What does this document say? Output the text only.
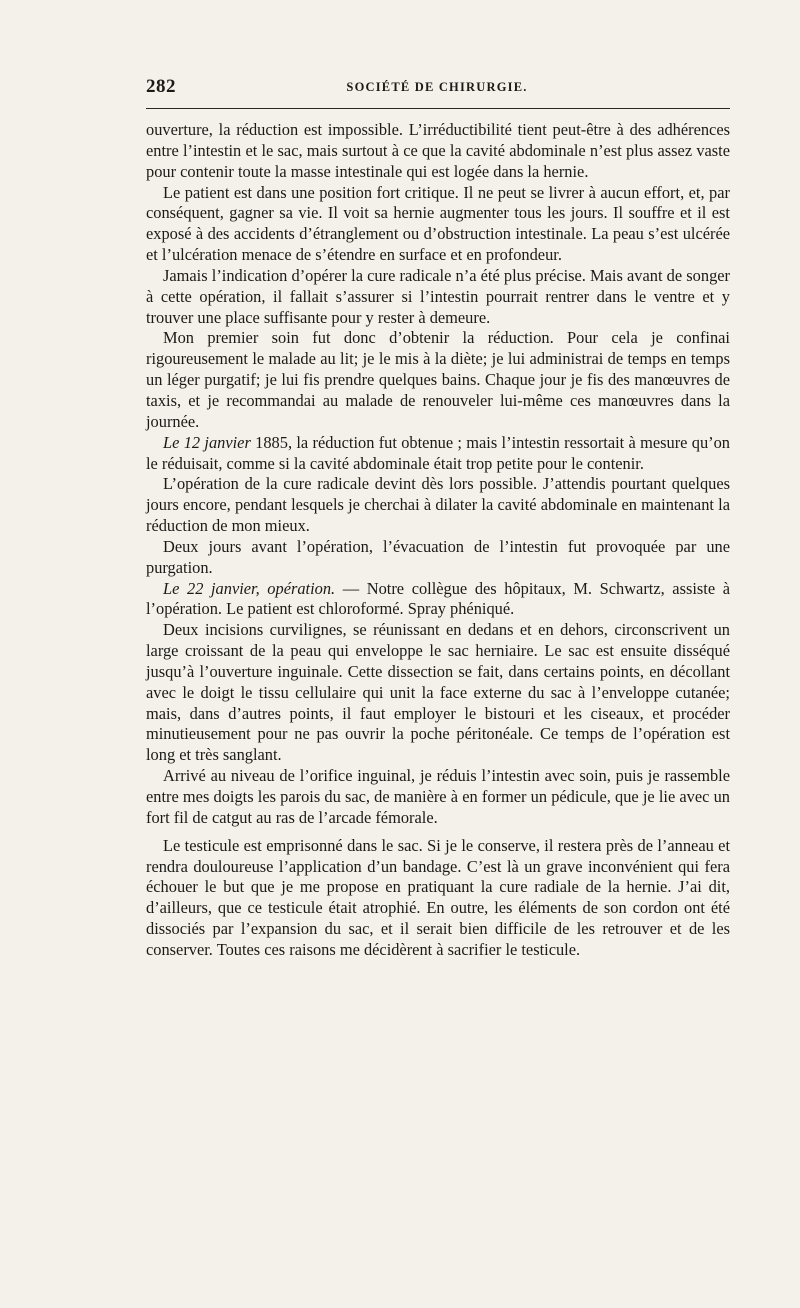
282	SOCIÉTÉ DE CHIRURGIE.

ouverture, la réduction est impossible. L’irréductibilité tient peut-être à des adhérences entre l’intestin et le sac, mais surtout à ce que la cavité abdominale n’est plus assez vaste pour contenir toute la masse intestinale qui est logée dans la hernie.

Le patient est dans une position fort critique. Il ne peut se livrer à aucun effort, et, par conséquent, gagner sa vie. Il voit sa hernie augmenter tous les jours. Il souffre et il est exposé à des accidents d’étranglement ou d’obstruction intestinale. La peau s’est ulcérée et l’ulcération menace de s’étendre en surface et en profondeur.

Jamais l’indication d’opérer la cure radicale n’a été plus précise. Mais avant de songer à cette opération, il fallait s’assurer si l’intestin pourrait rentrer dans le ventre et y trouver une place suffisante pour y rester à demeure.

Mon premier soin fut donc d’obtenir la réduction. Pour cela je confinai rigoureusement le malade au lit; je le mis à la diète; je lui administrai de temps en temps un léger purgatif; je lui fis prendre quelques bains. Chaque jour je fis des manœuvres de taxis, et je recommandai au malade de renouveler lui-même ces manœuvres dans la journée.

Le 12 janvier 1885, la réduction fut obtenue ; mais l’intestin ressortait à mesure qu’on le réduisait, comme si la cavité abdominale était trop petite pour le contenir.

L’opération de la cure radicale devint dès lors possible. J’attendis pourtant quelques jours encore, pendant lesquels je cherchai à dilater la cavité abdominale en maintenant la réduction de mon mieux.

Deux jours avant l’opération, l’évacuation de l’intestin fut provoquée par une purgation.

Le 22 janvier, opération. — Notre collègue des hôpitaux, M. Schwartz, assiste à l’opération. Le patient est chloroformé. Spray phéniqué.

Deux incisions curvilignes, se réunissant en dedans et en dehors, circonscrivent un large croissant de la peau qui enveloppe le sac herniaire. Le sac est ensuite disséqué jusqu’à l’ouverture inguinale. Cette dissection se fait, dans certains points, en décollant avec le doigt le tissu cellulaire qui unit la face externe du sac à l’enveloppe cutanée; mais, dans d’autres points, il faut employer le bistouri et les ciseaux, et procéder minutieusement pour ne pas ouvrir la poche péritonéale. Ce temps de l’opération est long et très sanglant.

Arrivé au niveau de l’orifice inguinal, je réduis l’intestin avec soin, puis je rassemble entre mes doigts les parois du sac, de manière à en former un pédicule, que je lie avec un fort fil de catgut au ras de l’arcade fémorale.

Le testicule est emprisonné dans le sac. Si je le conserve, il restera près de l’anneau et rendra douloureuse l’application d’un bandage. C’est là un grave inconvénient qui fera échouer le but que je me propose en pratiquant la cure radiale de la hernie. J’ai dit, d’ailleurs, que ce testicule était atrophié. En outre, les éléments de son cordon ont été dissociés par l’expansion du sac, et il serait bien difficile de les retrouver et de les conserver. Toutes ces raisons me décidèrent à sacrifier le testicule.
